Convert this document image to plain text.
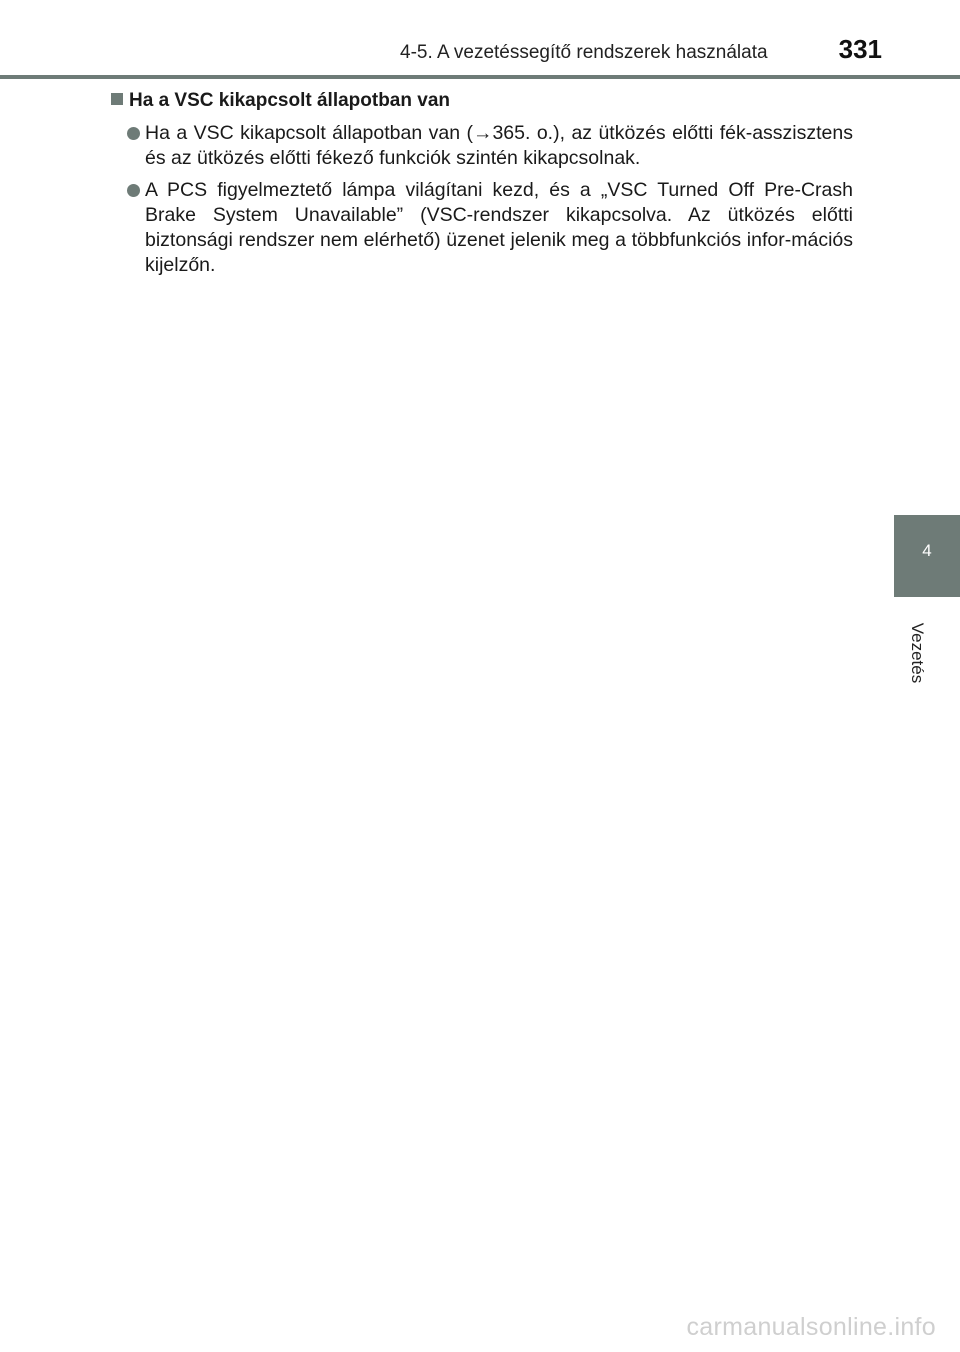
4-5. A vezetéssegítő rendszerek használata	331
Ha a VSC kikapcsolt állapotban van
Ha a VSC kikapcsolt állapotban van (→365. o.), az ütközés előtti fék-asszisztens és az ütközés előtti fékező funkciók szintén kikapcsolnak.
A PCS figyelmeztető lámpa világítani kezd, és a „VSC Turned Off Pre-Crash Brake System Unavailable” (VSC-rendszer kikapcsolva. Az ütközés előtti biztonsági rendszer nem elérhető) üzenet jelenik meg a többfunkciós infor-mációs kijelzőn.
4
Vezetés
carmanualsonline.info
